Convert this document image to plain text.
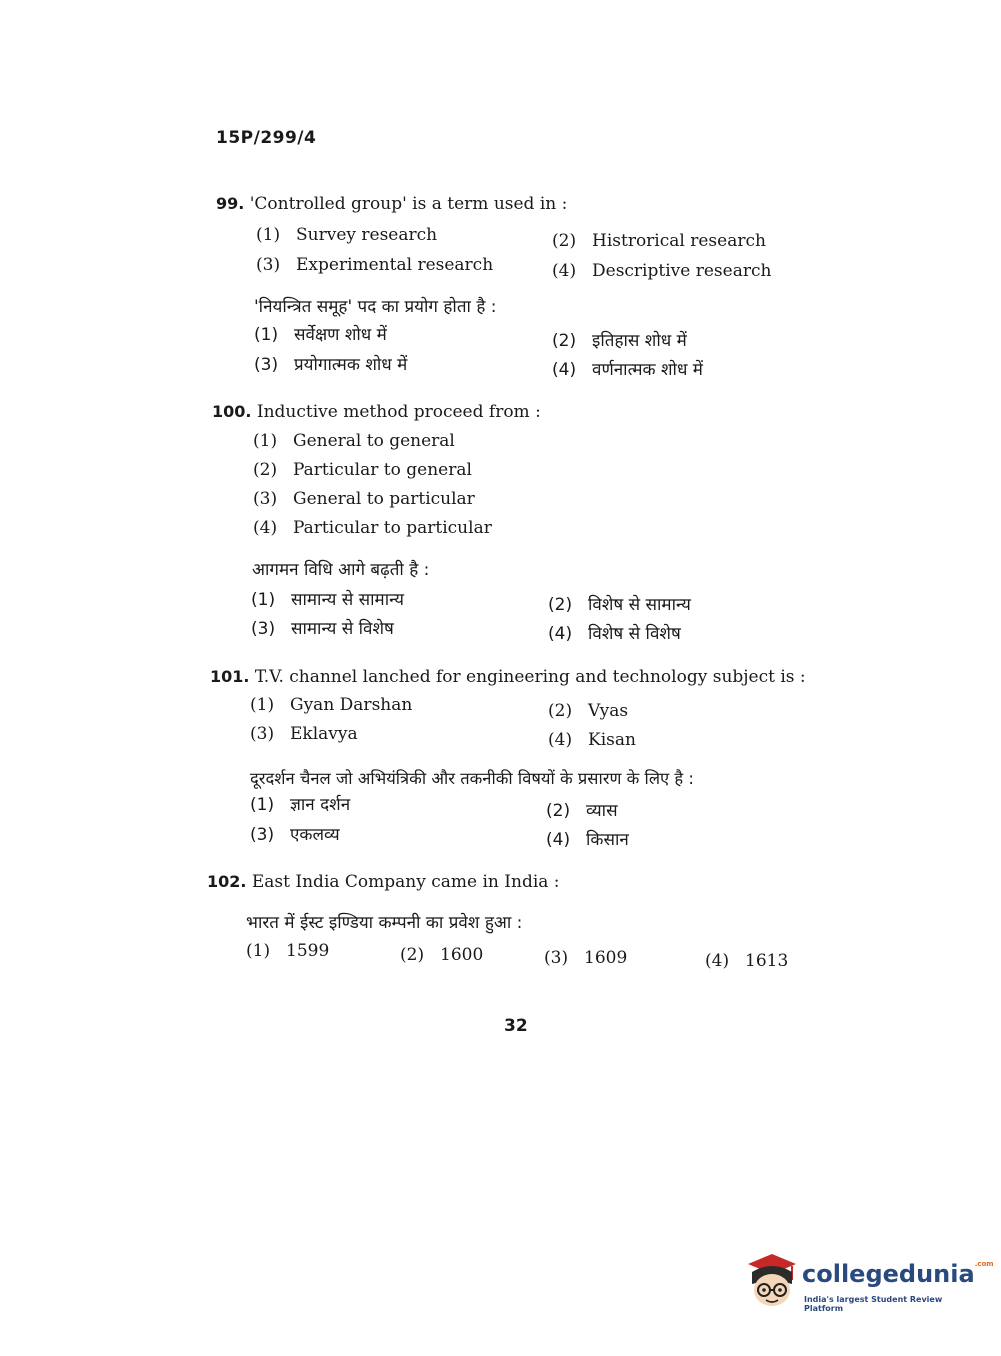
15P/299/4
99. 'Controlled group' is a term used in :
(1) Survey research	(2) Histrorical research
(3) Experimental research	(4) Descriptive research
'नियन्त्रित समूह' पद का प्रयोग होता है :
(1) सर्वेक्षण शोध में	(2) इतिहास शोध में
(3) प्रयोगात्मक शोध में	(4) वर्णनात्मक शोध में
100. Inductive method proceed from :
(1) General to general
(2) Particular to general
(3) General to particular
(4) Particular to particular
आगमन विधि आगे बढ़ती है :
(1) सामान्य से सामान्य	(2) विशेष से सामान्य
(3) सामान्य से विशेष	(4) विशेष से विशेष
101. T.V. channel lanched for engineering and technology subject is :
(1) Gyan Darshan	(2) Vyas
(3) Eklavya	(4) Kisan
दूरदर्शन चैनल जो अभियंत्रिकी और तकनीकी विषयों के प्रसारण के लिए है :
(1) ज्ञान दर्शन	(2) व्यास
(3) एकलव्य	(4) किसान
102. East India Company came in India :
भारत में ईस्ट इण्डिया कम्पनी का प्रवेश हुआ :
(1) 1599	(2) 1600	(3) 1609	(4) 1613
32
collegedunia$^{.com}$
India's largest Student Review Platform
